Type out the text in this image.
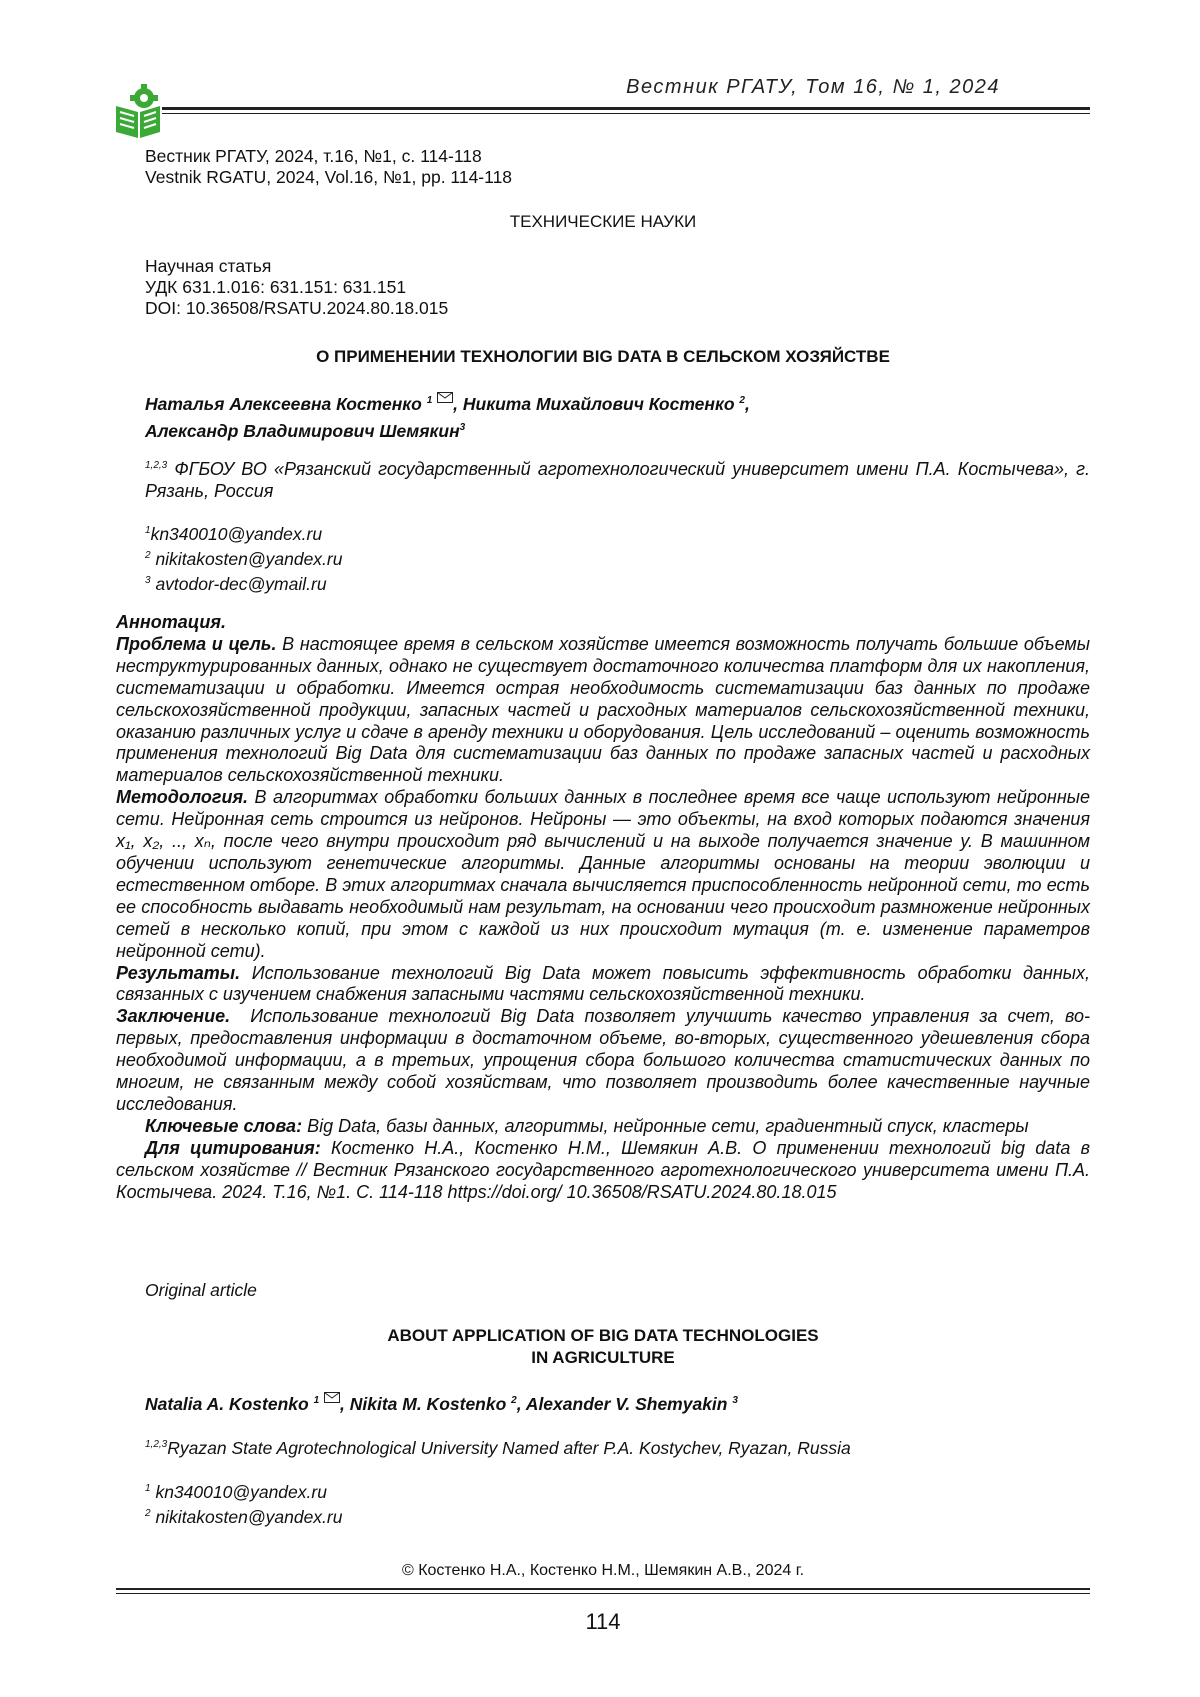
Вестник РГАТУ, Том 16, № 1, 2024
Вестник РГАТУ, 2024, т.16, №1, с. 114-118
Vestnik RGATU, 2024, Vol.16, №1, pp. 114-118
ТЕХНИЧЕСКИЕ НАУКИ
Научная статья
УДК 631.1.016: 631.151: 631.151
DOI: 10.36508/RSATU.2024.80.18.015
О ПРИМЕНЕНИИ ТЕХНОЛОГИИ BIG DATA В СЕЛЬСКОМ ХОЗЯЙСТВЕ
Наталья Алексеевна Костенко $^1$ , Никита Михайлович Костенко $^2$,
Александр Владимирович Шемякин$^3$
$^{1,2,3}$ ФГБОУ ВО «Рязанский государственный агротехнологический университет имени П.А. Костычева», г. Рязань, Россия
$^1$kn340010@yandex.ru
$^2$ nikitakosten@yandex.ru
$^3$ avtodor-dec@ymail.ru

Аннотация.

Проблема и цель. В настоящее время в сельском хозяйстве имеется возможность получать большие объемы неструктурированных данных, однако не существует достаточного количества платформ для их накопления, систематизации и обработки. Имеется острая необходимость систематизации баз данных по продаже сельскохозяйственной продукции, запасных частей и расходных материалов сельскохозяйственной техники, оказанию различных услуг и сдаче в аренду техники и оборудования. Цель исследований – оценить возможность применения технологий Big Data для систематизации баз данных по продаже запасных частей и расходных материалов сельскохозяйственной техники.

Методология. В алгоритмах обработки больших данных в последнее время все чаще используют нейронные сети. Нейронная сеть строится из нейронов. Нейроны — это объекты, на вход которых подаются значения x₁, x₂, .., xₙ, после чего внутри происходит ряд вычислений и на выходе получается значение y. В машинном обучении используют генетические алгоритмы. Данные алгоритмы основаны на теории эволюции и естественном отборе. В этих алгоритмах сначала вычисляется приспособленность нейронной сети, то есть ее способность выдавать необходимый нам результат, на основании чего происходит размножение нейронных сетей в несколько копий, при этом с каждой из них происходит мутация (т. е. изменение параметров нейронной сети).

Результаты. Использование технологий Big Data может повысить эффективность обработки данных, связанных с изучением снабжения запасными частями сельскохозяйственной техники.

Заключение. Использование технологий Big Data позволяет улучшить качество управления за счет, во-первых, предоставления информации в достаточном объеме, во-вторых, существенного удешевления сбора необходимой информации, а в третьих, упрощения сбора большого количества статистических данных по многим, не связанным между собой хозяйствам, что позволяет производить более качественные научные исследования.

Ключевые слова: Big Data, базы данных, алгоритмы, нейронные сети, градиентный спуск, кластеры

Для цитирования: Костенко Н.А., Костенко Н.М., Шемякин А.В. О применении технологий big data в сельском хозяйстве // Вестник Рязанского государственного агротехнологического университета имени П.А. Костычева. 2024. Т.16, №1. С. 114-118 https://doi.org/ 10.36508/RSATU.2024.80.18.015

Original article
ABOUT APPLICATION OF BIG DATA TECHNOLOGIES
IN AGRICULTURE
Natalia A. Kostenko $^1$ , Nikita M. Kostenko $^2$, Alexander V. Shemyakin $^3$
$^{1,2,3}$Ryazan State Agrotechnological University Named after P.A. Kostychev, Ryazan, Russia
$^1$ kn340010@yandex.ru
$^2$ nikitakosten@yandex.ru
© Костенко Н.А., Костенко Н.М., Шемякин А.В., 2024 г.
114
